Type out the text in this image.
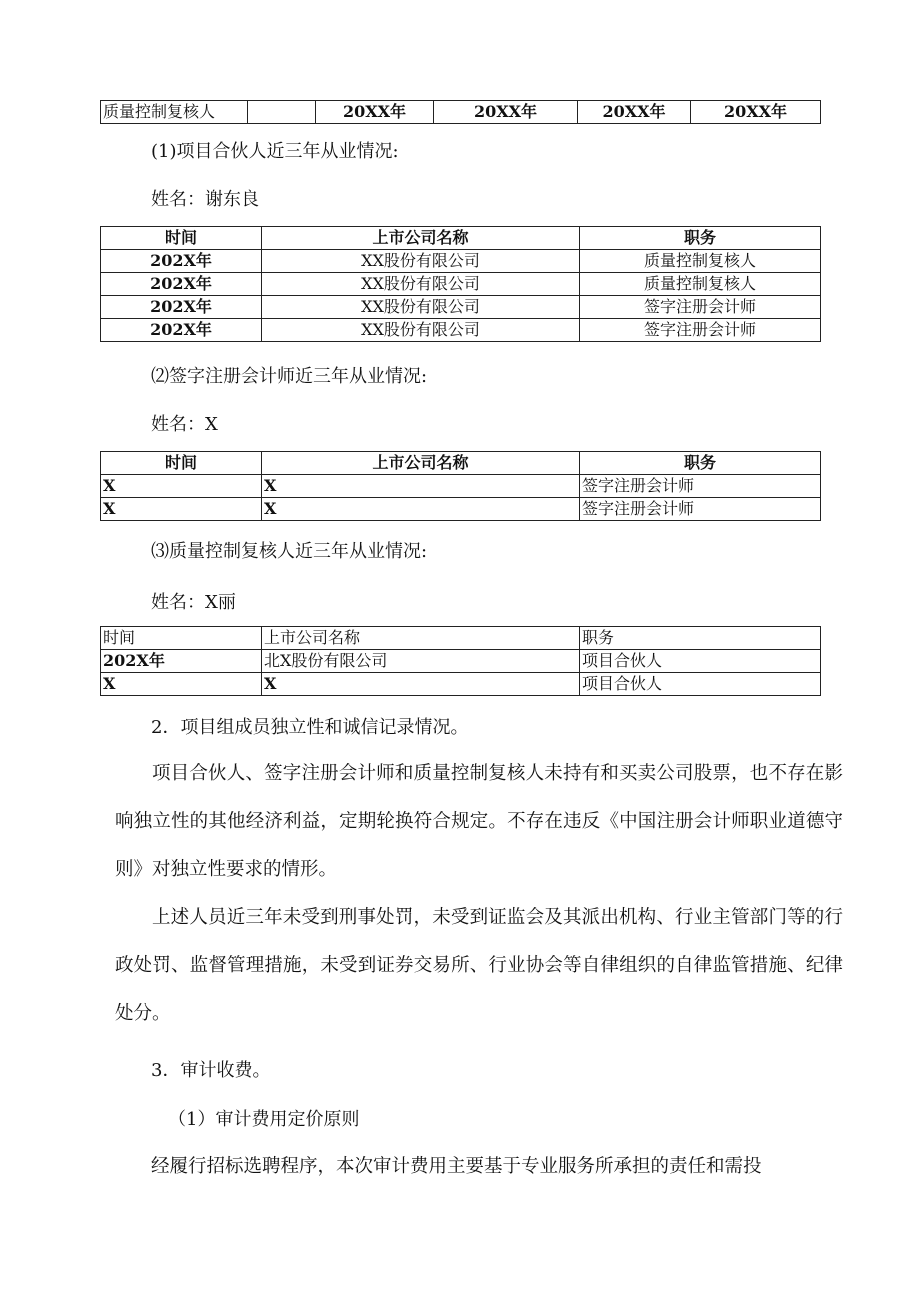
质量控制复核人		20XX年	20XX年	20XX年	20XX年
(1)项目合伙人近三年从业情况:
姓名：谢东良
时间	上市公司名称	职务
202X年	XX股份有限公司	质量控制复核人
202X年	XX股份有限公司	质量控制复核人
202X年	XX股份有限公司	签字注册会计师
202X年	XX股份有限公司	签字注册会计师
⑵签字注册会计师近三年从业情况:
姓名：X
时间	上市公司名称	职务
X	X	签字注册会计师
X	X	签字注册会计师
⑶质量控制复核人近三年从业情况:
姓名：X丽
时间	上市公司名称	职务
202X年	北X股份有限公司	项目合伙人
X	X	项目合伙人
2．项目组成员独立性和诚信记录情况。
项目合伙人、签字注册会计师和质量控制复核人未持有和买卖公司股票，也不存在影响独立性的其他经济利益，定期轮换符合规定。不存在违反《中国注册会计师职业道德守则》对独立性要求的情形。
上述人员近三年未受到刑事处罚，未受到证监会及其派出机构、行业主管部门等的行政处罚、监督管理措施，未受到证券交易所、行业协会等自律组织的自律监管措施、纪律处分。
3．审计收费。
（1）审计费用定价原则
经履行招标选聘程序，本次审计费用主要基于专业服务所承担的责任和需投
